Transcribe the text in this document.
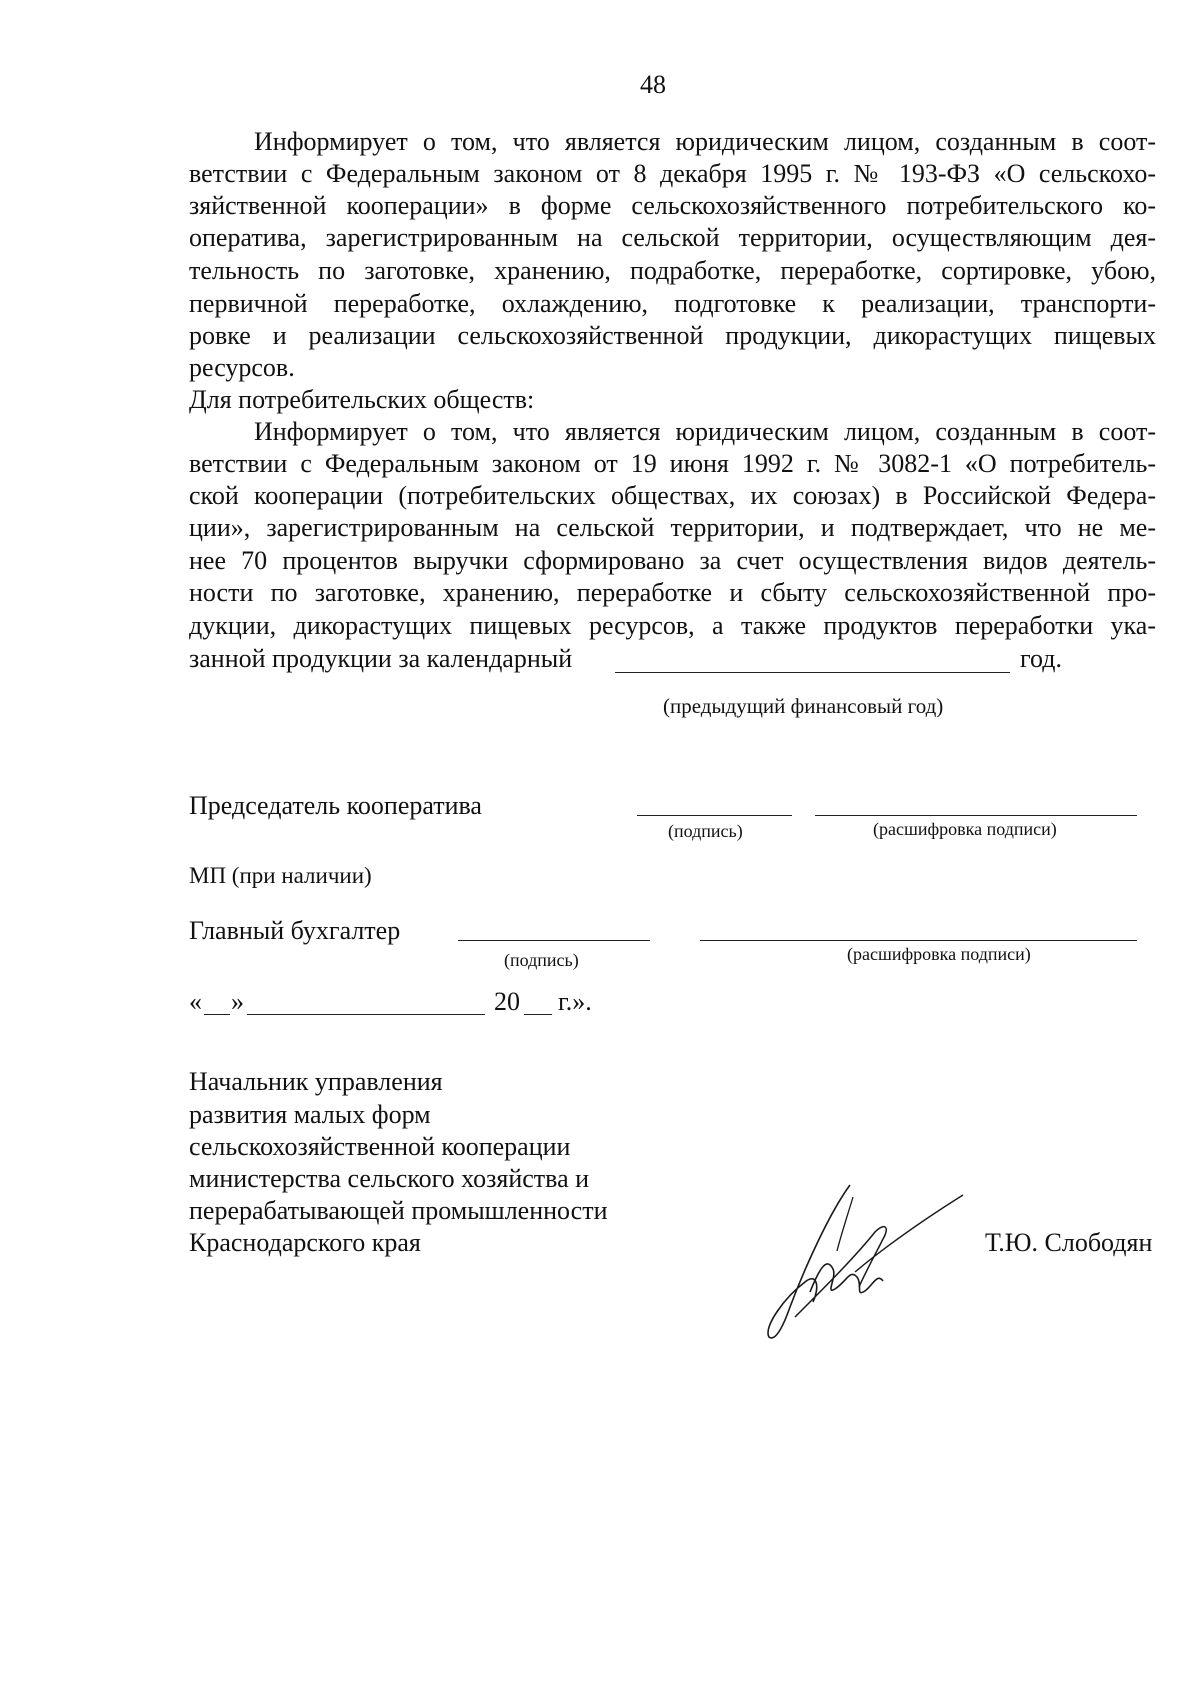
48
Информирует о том, что является юридическим лицом, созданным в соот-
ветствии с Федеральным законом от 8 декабря 1995 г. № 193-ФЗ «О сельскохо-
зяйственной кооперации» в форме сельскохозяйственного потребительского ко-
оператива, зарегистрированным на сельской территории, осуществляющим дея-
тельность по заготовке, хранению, подработке, переработке, сортировке, убою,
первичной переработке, охлаждению, подготовке к реализации, транспорти-
ровке и реализации сельскохозяйственной продукции, дикорастущих пищевых
ресурсов.
Для потребительских обществ:
Информирует о том, что является юридическим лицом, созданным в соот-
ветствии с Федеральным законом от 19 июня 1992 г. № 3082-1 «О потребитель-
ской кооперации (потребительских обществах, их союзах) в Российской Федера-
ции», зарегистрированным на сельской территории, и подтверждает, что не ме-
нее 70 процентов выручки сформировано за счет осуществления видов деятель-
ности по заготовке, хранению, переработке и сбыту сельскохозяйственной про-
дукции, дикорастущих пищевых ресурсов, а также продуктов переработки ука-
занной продукции за календарный	год.
(предыдущий финансовый год)
Председатель кооператива
(подпись)	(расшифровка подписи)
МП (при наличии)
Главный бухгалтер
(подпись)	(расшифровка подписи)
« »	20 г.».
Начальник управления
развития малых форм
сельскохозяйственной кооперации
министерства сельского хозяйства и
перерабатывающей промышленности
Краснодарского края	Т.Ю. Слободян
